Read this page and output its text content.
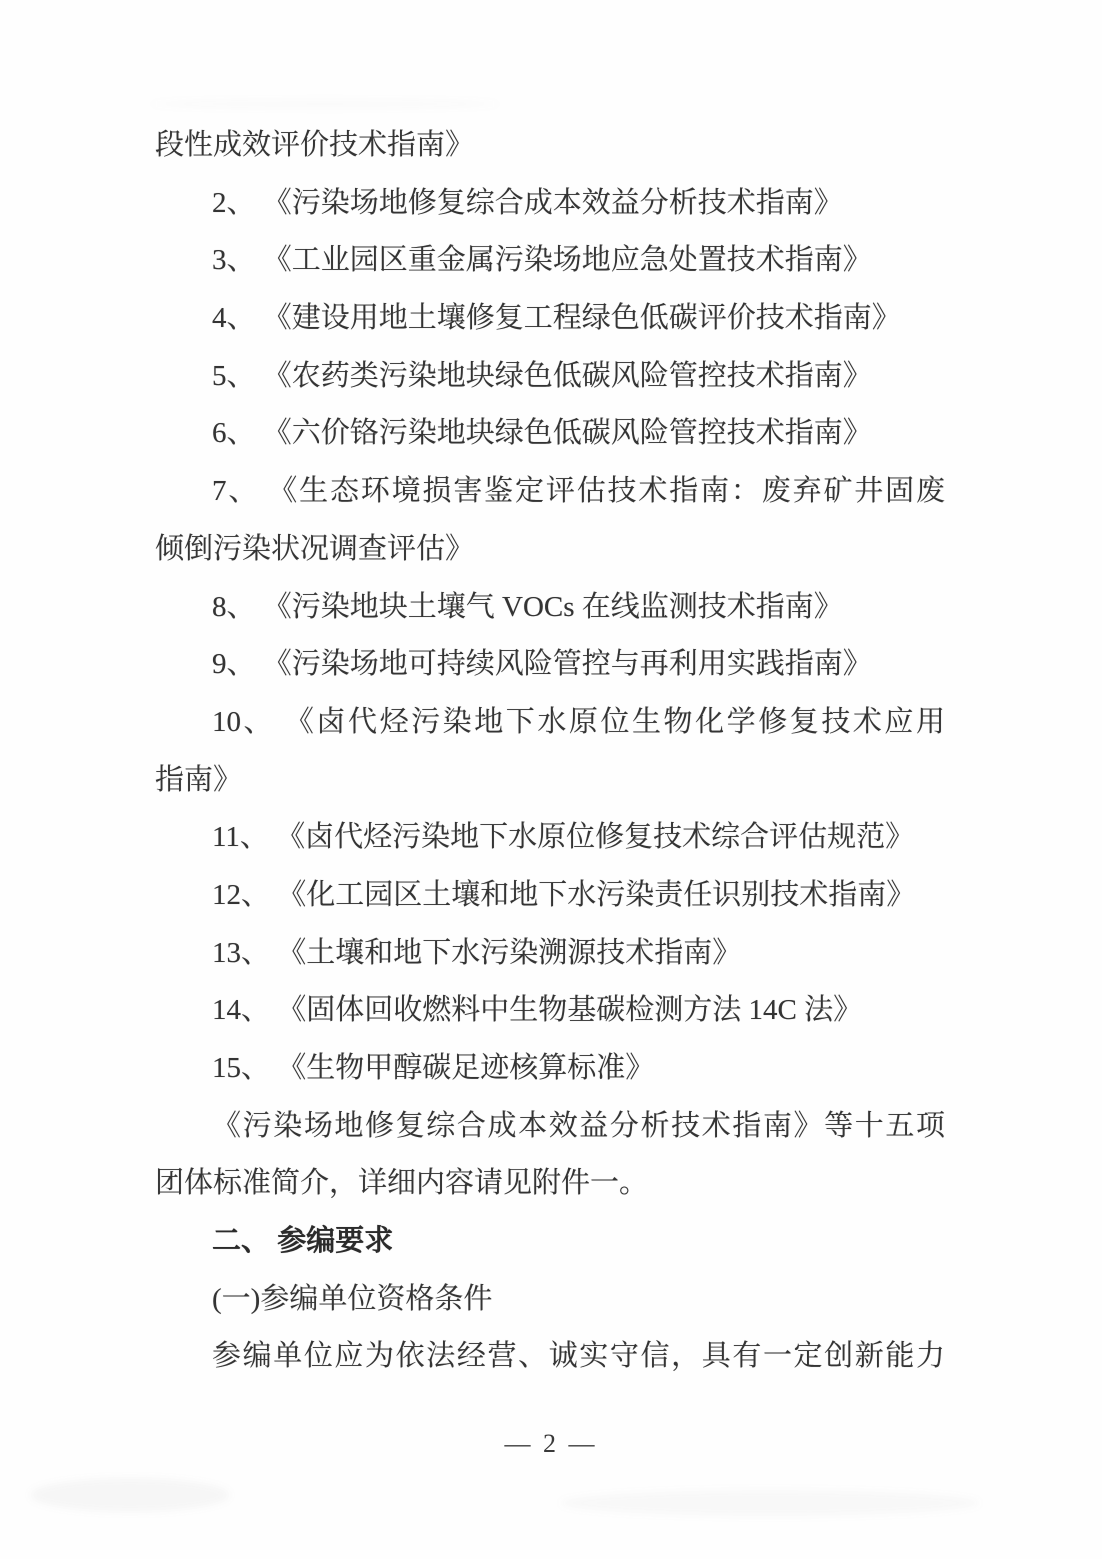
段性成效评价技术指南》
2、 《污染场地修复综合成本效益分析技术指南》
3、 《工业园区重金属污染场地应急处置技术指南》
4、 《建设用地土壤修复工程绿色低碳评价技术指南》
5、 《农药类污染地块绿色低碳风险管控技术指南》
6、 《六价铬污染地块绿色低碳风险管控技术指南》
7、 《生态环境损害鉴定评估技术指南：废弃矿井固废
倾倒污染状况调查评估》
8、 《污染地块土壤气 VOCs 在线监测技术指南》
9、 《污染场地可持续风险管控与再利用实践指南》
10、 《卤代烃污染地下水原位生物化学修复技术应用
指南》
11、 《卤代烃污染地下水原位修复技术综合评估规范》
12、 《化工园区土壤和地下水污染责任识别技术指南》
13、 《土壤和地下水污染溯源技术指南》
14、 《固体回收燃料中生物基碳检测方法 14C 法》
15、 《生物甲醇碳足迹核算标准》
《污染场地修复综合成本效益分析技术指南》等十五项
团体标准简介，详细内容请见附件一。
二、 参编要求
(一)参编单位资格条件
参编单位应为依法经营、诚实守信，具有一定创新能力
— 2 —
